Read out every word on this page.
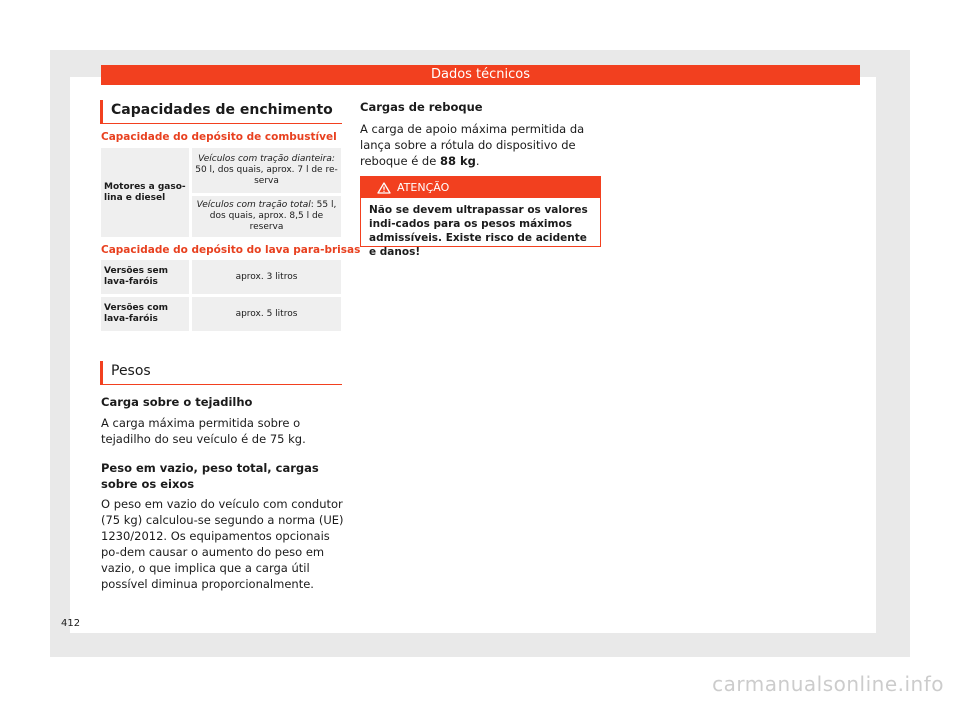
Dados técnicos
Capacidades de enchimento
Capacidade do depósito de combustível
Motores a gaso-lina e diesel	Veículos com tração dianteira:
50 l, dos quais, aprox. 7 l de re-serva
Veículos com tração total: 55 l, dos quais, aprox. 8,5 l de reserva
Capacidade do depósito do lava para-brisas
Versões sem lava-faróis	aprox. 3 litros
Versões com lava-faróis	aprox. 5 litros
Pesos
Carga sobre o tejadilho
A carga máxima permitida sobre o tejadilho do seu veículo é de 75 kg.
Peso em vazio, peso total, cargas sobre os eixos
O peso em vazio do veículo com condutor (75 kg) calculou-se segundo a norma (UE) 1230/2012. Os equipamentos opcionais po-dem causar o aumento do peso em vazio, o que implica que a carga útil possível diminua proporcionalmente.
Cargas de reboque
A carga de apoio máxima permitida da lança sobre a rótula do dispositivo de reboque é de 88 kg.
ATENÇÃO
Não se devem ultrapassar os valores indi-cados para os pesos máximos admissíveis. Existe risco de acidente e danos!
412
carmanualsonline.info
